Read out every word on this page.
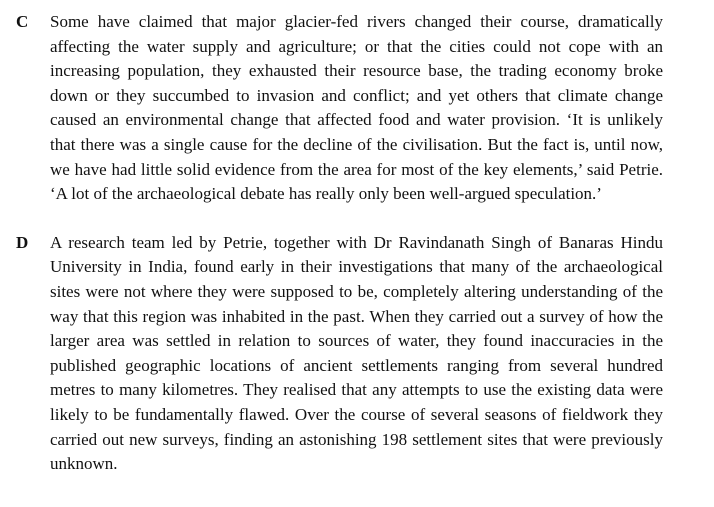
C	Some have claimed that major glacier-fed rivers changed their course, dramatically affecting the water supply and agriculture; or that the cities could not cope with an increasing population, they exhausted their resource base, the trading economy broke down or they succumbed to invasion and conflict; and yet others that climate change caused an environmental change that affected food and water provision. ‘It is unlikely that there was a single cause for the decline of the civilisation. But the fact is, until now, we have had little solid evidence from the area for most of the key elements,’ said Petrie. ‘A lot of the archaeological debate has really only been well-argued speculation.’

D	A research team led by Petrie, together with Dr Ravindanath Singh of Banaras Hindu University in India, found early in their investigations that many of the archaeological sites were not where they were supposed to be, completely altering understanding of the way that this region was inhabited in the past. When they carried out a survey of how the larger area was settled in relation to sources of water, they found inaccuracies in the published geographic locations of ancient settlements ranging from several hundred metres to many kilometres. They realised that any attempts to use the existing data were likely to be fundamentally flawed. Over the course of several seasons of fieldwork they carried out new surveys, finding an astonishing 198 settlement sites that were previously unknown.
